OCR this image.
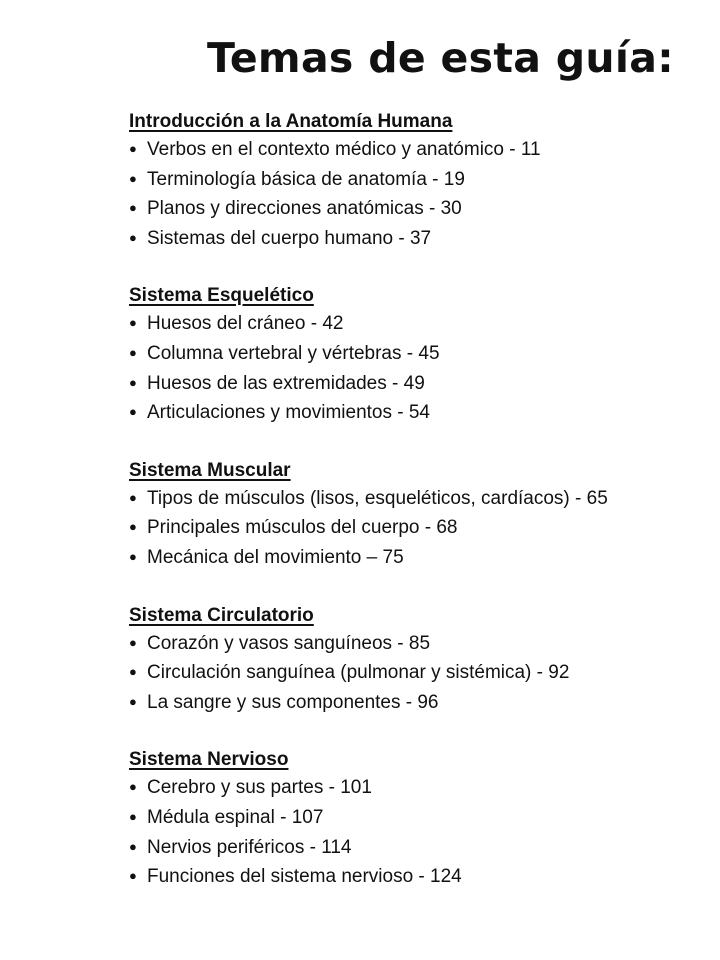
Temas de esta guía:
Introducción a la Anatomía Humana
● Verbos en el contexto médico y anatómico - 11
● Terminología básica de anatomía - 19
● Planos y direcciones anatómicas - 30
● Sistemas del cuerpo humano - 37
Sistema Esquelético
● Huesos del cráneo - 42
● Columna vertebral y vértebras - 45
● Huesos de las extremidades - 49
● Articulaciones y movimientos - 54
Sistema Muscular
● Tipos de músculos (lisos, esqueléticos, cardíacos) - 65
● Principales músculos del cuerpo - 68
● Mecánica del movimiento – 75
Sistema Circulatorio
● Corazón y vasos sanguíneos - 85
● Circulación sanguínea (pulmonar y sistémica) - 92
● La sangre y sus componentes - 96
Sistema Nervioso
● Cerebro y sus partes - 101
● Médula espinal - 107
● Nervios periféricos - 114
● Funciones del sistema nervioso - 124
